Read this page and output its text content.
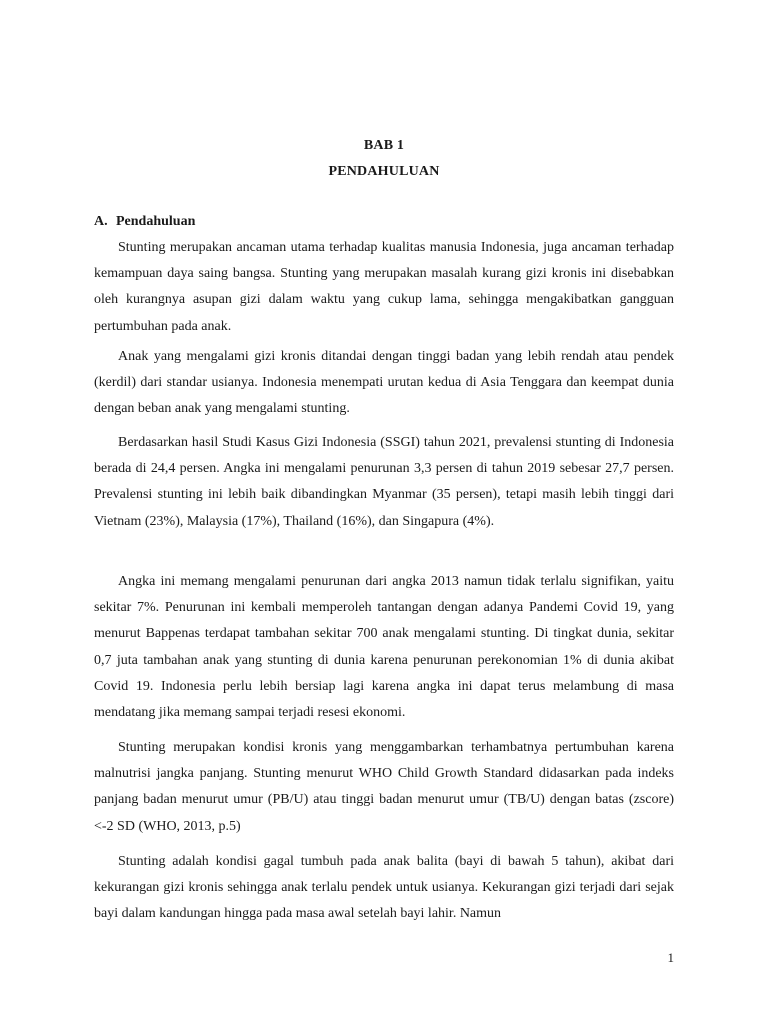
BAB 1
PENDAHULUAN
A. Pendahuluan

Stunting merupakan ancaman utama terhadap kualitas manusia Indonesia, juga ancaman terhadap kemampuan daya saing bangsa. Stunting yang merupakan masalah kurang gizi kronis ini disebabkan oleh kurangnya asupan gizi dalam waktu yang cukup lama, sehingga mengakibatkan gangguan pertumbuhan pada anak.

Anak yang mengalami gizi kronis ditandai dengan tinggi badan yang lebih rendah atau pendek (kerdil) dari standar usianya. Indonesia menempati urutan kedua di Asia Tenggara dan keempat dunia dengan beban anak yang mengalami stunting.

Berdasarkan hasil Studi Kasus Gizi Indonesia (SSGI) tahun 2021, prevalensi stunting di Indonesia berada di 24,4 persen. Angka ini mengalami penurunan 3,3 persen di tahun 2019 sebesar 27,7 persen. Prevalensi stunting ini lebih baik dibandingkan Myanmar (35 persen), tetapi masih lebih tinggi dari Vietnam (23%), Malaysia (17%), Thailand (16%), dan Singapura (4%).

Angka ini memang mengalami penurunan dari angka 2013 namun tidak terlalu signifikan, yaitu sekitar 7%. Penurunan ini kembali memperoleh tantangan dengan adanya Pandemi Covid 19, yang menurut Bappenas terdapat tambahan sekitar 700 anak mengalami stunting. Di tingkat dunia, sekitar 0,7 juta tambahan anak yang stunting di dunia karena penurunan perekonomian 1% di dunia akibat Covid 19. Indonesia perlu lebih bersiap lagi karena angka ini dapat terus melambung di masa mendatang jika memang sampai terjadi resesi ekonomi.

Stunting merupakan kondisi kronis yang menggambarkan terhambatnya pertumbuhan karena malnutrisi jangka panjang. Stunting menurut WHO Child Growth Standard didasarkan pada indeks panjang badan menurut umur (PB/U) atau tinggi badan menurut umur (TB/U) dengan batas (zscore) <-2 SD (WHO, 2013, p.5)

Stunting adalah kondisi gagal tumbuh pada anak balita (bayi di bawah 5 tahun), akibat dari kekurangan gizi kronis sehingga anak terlalu pendek untuk usianya. Kekurangan gizi terjadi dari sejak bayi dalam kandungan hingga pada masa awal setelah bayi lahir. Namun

1
